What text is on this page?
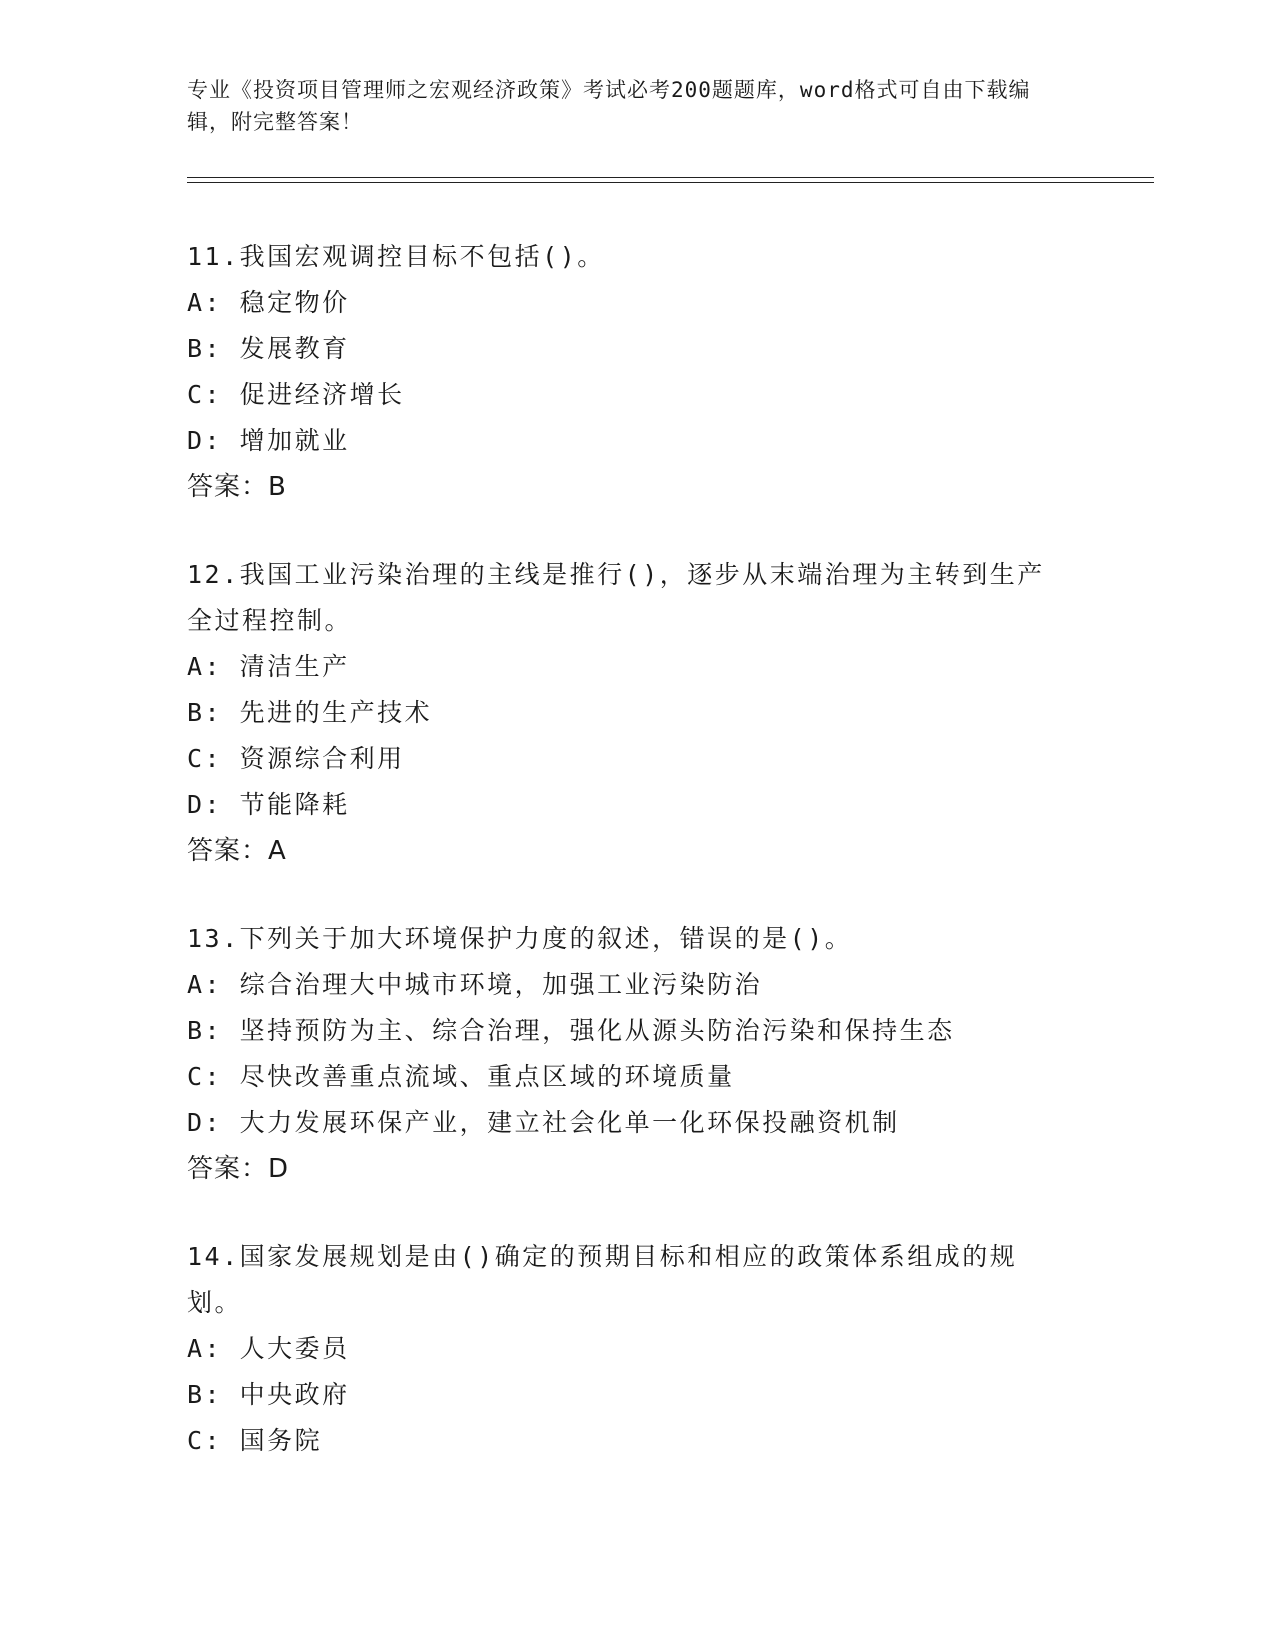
专业《投资项目管理师之宏观经济政策》考试必考200题题库，word格式可自由下载编辑，附完整答案！
11.我国宏观调控目标不包括()。
A: 稳定物价
B: 发展教育
C: 促进经济增长
D: 增加就业
答案：B
12.我国工业污染治理的主线是推行()，逐步从末端治理为主转到生产全过程控制。
A: 清洁生产
B: 先进的生产技术
C: 资源综合利用
D: 节能降耗
答案：A
13.下列关于加大环境保护力度的叙述，错误的是()。
A: 综合治理大中城市环境，加强工业污染防治
B: 坚持预防为主、综合治理，强化从源头防治污染和保持生态
C: 尽快改善重点流域、重点区域的环境质量
D: 大力发展环保产业，建立社会化单一化环保投融资机制
答案：D
14.国家发展规划是由()确定的预期目标和相应的政策体系组成的规划。
A: 人大委员
B: 中央政府
C: 国务院
